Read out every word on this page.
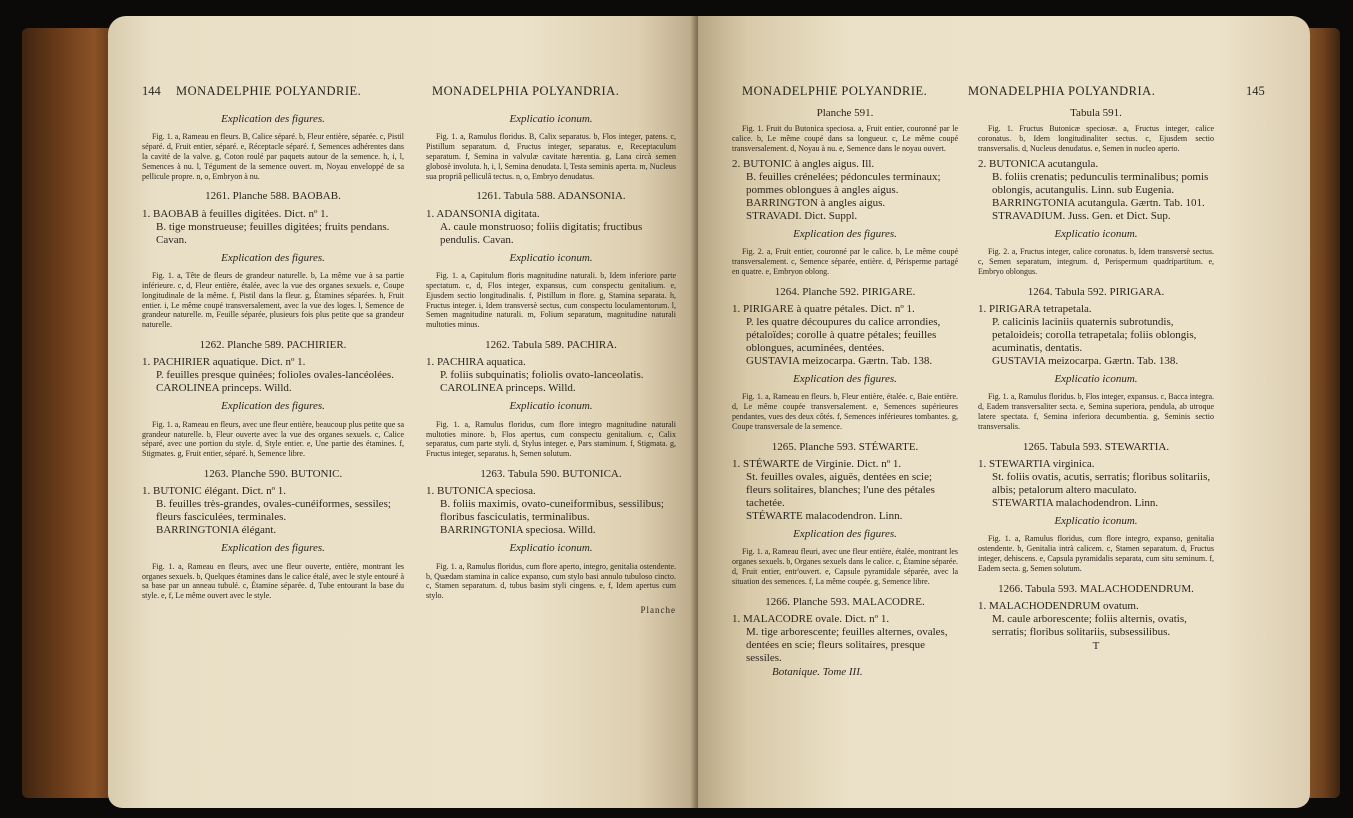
144 MONADELPHIE POLYANDRIE.	MONADELPHIA POLYANDRIA.
Explication des figures.

Fig. 1. a, Rameau en fleurs. B, Calice séparé. b, Fleur entière, séparée. c, Pistil séparé. d, Fruit entier, séparé. e, Réceptacle séparé. f, Semences adhérentes dans la cavité de la valve. g, Coton roulé par paquets autour de la semence. h, i, l, Semences à nu. l, Tégument de la semence ouvert. m, Noyau enveloppé de sa pellicule propre. n, o, Embryon à nu.

1261. Planche 588. BAOBAB.
1. BAOBAB à feuilles digitées. Dict. nº 1.
B. tige monstrueuse; feuilles digitées; fruits pendans. Cavan.
Explication des figures.

Fig. 1. a, Tête de fleurs de grandeur naturelle. b, La même vue à sa partie inférieure. c, d, Fleur entière, étalée, avec la vue des organes sexuels. e, Coupe longitudinale de la même. f, Pistil dans la fleur. g, Étamines séparées. h, Fruit entier. i, Le même coupé transversalement, avec la vue des loges. l, Semence de grandeur naturelle. m, Feuille séparée, plusieurs fois plus petite que sa grandeur naturelle.

1262. Planche 589. PACHIRIER.
1. PACHIRIER aquatique. Dict. nº 1.
P. feuilles presque quinées; folioles ovales-lancéolées.
CAROLINEA princeps. Willd.
Explication des figures.

Fig. 1. a, Rameau en fleurs, avec une fleur entière, beaucoup plus petite que sa grandeur naturelle. b, Fleur ouverte avec la vue des organes sexuels. c, Calice séparé, avec une portion du style. d, Style entier. e, Une partie des étamines. f, Stigmates. g, Fruit entier, séparé. h, Semence libre.

1263. Planche 590. BUTONIC.
1. BUTONIC élégant. Dict. nº 1.
B. feuilles très-grandes, ovales-cunéiformes, sessiles; fleurs fasciculées, terminales.
BARRINGTONIA élégant.
Explication des figures.

Fig. 1. a, Rameau en fleurs, avec une fleur ouverte, entière, montrant les organes sexuels. b, Quelques étamines dans le calice étalé, avec le style entouré à sa base par un anneau tubulé. c, Étamine séparée. d, Tube entourant la base du style. e, f, Le même ouvert avec le style.

Explicatio iconum.

Fig. 1. a, Ramulus floridus. B, Calix separatus. b, Flos integer, patens. c, Pistillum separatum. d, Fructus integer, separatus. e, Receptaculum separatum. f, Semina in valvulæ cavitate hærentia. g, Lana circà semen globosè involuta. h, i, l, Semina denudata. l, Testa seminis aperta. m, Nucleus sua propriâ pelliculâ tectus. n, o, Embryo denudatus.

1261. Tabula 588. ADANSONIA.
1. ADANSONIA digitata.
A. caule monstruoso; foliis digitatis; fructibus pendulis. Cavan.
Explicatio iconum.

Fig. 1. a, Capitulum floris magnitudine naturali. b, Idem inferiore parte spectatum. c, d, Flos integer, expansus, cum conspectu genitalium. e, Ejusdem sectio longitudinalis. f, Pistillum in flore. g, Stamina separata. h, Fructus integer. i, Idem transversè sectus, cum conspectu loculamentorum. l, Semen magnitudine naturali. m, Folium separatum, magnitudine naturali multoties minus.

1262. Tabula 589. PACHIRA.
1. PACHIRA aquatica.
P. foliis subquinatis; foliolis ovato-lanceolatis.
CAROLINEA princeps. Willd.
Explicatio iconum.

Fig. 1. a, Ramulus floridus, cum flore integro magnitudine naturali multoties minore. b, Flos apertus, cum conspectu genitalium. c, Calix separatus, cum parte styli. d, Stylus integer. e, Pars staminum. f, Stigmata. g, Fructus integer, separatus. h, Semen solutum.

1263. Tabula 590. BUTONICA.
1. BUTONICA speciosa.
B. foliis maximis, ovato-cuneiformibus, sessilibus; floribus fasciculatis, terminalibus.
BARRINGTONIA speciosa. Willd.
Explicatio iconum.

Fig. 1. a, Ramulus floridus, cum flore aperto, integro, genitalia ostendente. b, Quædam stamina in calice expanso, cum stylo basi annulo tubuloso cincto. c, Stamen separatum. d, tubus basim styli cingens. e, f, Idem apertus cum stylo.

Planche
MONADELPHIE POLYANDRIE.	MONADELPHIA POLYANDRIA.	145
Planche 591.

Fig. 1. Fruit du Butonica speciosa. a, Fruit entier, couronné par le calice. b, Le même coupé dans sa longueur. c, Le même coupé transversalement. d, Noyau à nu. e, Semence dans le noyau ouvert.

2. BUTONIC à angles aigus. Ill.
B. feuilles crénelées; pédoncules terminaux; pommes oblongues à angles aigus.
BARRINGTON à angles aigus.
STRAVADI. Dict. Suppl.
Explication des figures.

Fig. 2. a, Fruit entier, couronné par le calice. b, Le même coupé transversalement. c, Semence séparée, entière. d, Périsperme partagé en quatre. e, Embryon oblong.

1264. Planche 592. PIRIGARE.
1. PIRIGARE à quatre pétales. Dict. nº 1.
P. les quatre découpures du calice arrondies, pétaloïdes; corolle à quatre pétales; feuilles oblongues, acuminées, dentées.
GUSTAVIA meizocarpa. Gærtn. Tab. 138.
Explication des figures.

Fig. 1. a, Rameau en fleurs. b, Fleur entière, étalée. c, Baie entière. d, Le même coupée transversalement. e, Semences supérieures pendantes, vues des deux côtés. f, Semences inférieures tombantes. g, Coupe transversale de la semence.

1265. Planche 593. STÉWARTE.
1. STÉWARTE de Virginie. Dict. nº 1.
St. feuilles ovales, aiguës, dentées en scie; fleurs solitaires, blanches; l'une des pétales tachetée.
STÉWARTE malacodendron. Linn.
Explication des figures.

Fig. 1. a, Rameau fleuri, avec une fleur entière, étalée, montrant les organes sexuels. b, Organes sexuels dans le calice. c, Étamine séparée. d, Fruit entier, entr'ouvert. e, Capsule pyramidale séparée, avec la situation des semences. f, La même coupée. g, Semence libre.

1266. Planche 593. MALACODRE.
1. MALACODRE ovale. Dict. nº 1.
M. tige arborescente; feuilles alternes, ovales, dentées en scie; fleurs solitaires, presque sessiles.
Botanique. Tome III.
Tabula 591.

Fig. 1. Fructus Butonicæ speciosæ. a, Fructus integer, calice coronatus. b, Idem longitudinaliter sectus. c, Ejusdem sectio transversalis. d, Nucleus denudatus. e, Semen in nucleo aperto.

2. BUTONICA acutangula.
B. foliis crenatis; pedunculis terminalibus; pomis oblongis, acutangulis. Linn. sub Eugenia.
BARRINGTONIA acutangula. Gærtn. Tab. 101.
STRAVADIUM. Juss. Gen. et Dict. Sup.
Explicatio iconum.

Fig. 2. a, Fructus integer, calice coronatus. b, Idem transversè sectus. c, Semen separatum, integrum. d, Perispermum quadripartitum. e, Embryo oblongus.

1264. Tabula 592. PIRIGARA.
1. PIRIGARA tetrapetala.
P. calicinis laciniis quaternis subrotundis, petaloideis; corolla tetrapetala; foliis oblongis, acuminatis, dentatis.
GUSTAVIA meizocarpa. Gærtn. Tab. 138.
Explicatio iconum.

Fig. 1. a, Ramulus floridus. b, Flos integer, expansus. c, Bacca integra. d, Eadem transversaliter secta. e, Semina superiora, pendula, ab utroque latere spectata. f, Semina inferiora decumbentia. g, Seminis sectio transversalis.

1265. Tabula 593. STEWARTIA.
1. STEWARTIA virginica.
St. foliis ovatis, acutis, serratis; floribus solitariis, albis; petalorum altero maculato.
STEWARTIA malachodendron. Linn.
Explicatio iconum.

Fig. 1. a, Ramulus floridus, cum flore integro, expanso, genitalia ostendente. b, Genitalia intrà calicem. c, Stamen separatum. d, Fructus integer, dehiscens. e, Capsula pyramidalis separata, cum situ seminum. f, Eadem secta. g, Semen solutum.

1266. Tabula 593. MALACHODENDRUM.
1. MALACHODENDRUM ovatum.
M. caule arborescente; foliis alternis, ovatis, serratis; floribus solitariis, subsessilibus.
T
